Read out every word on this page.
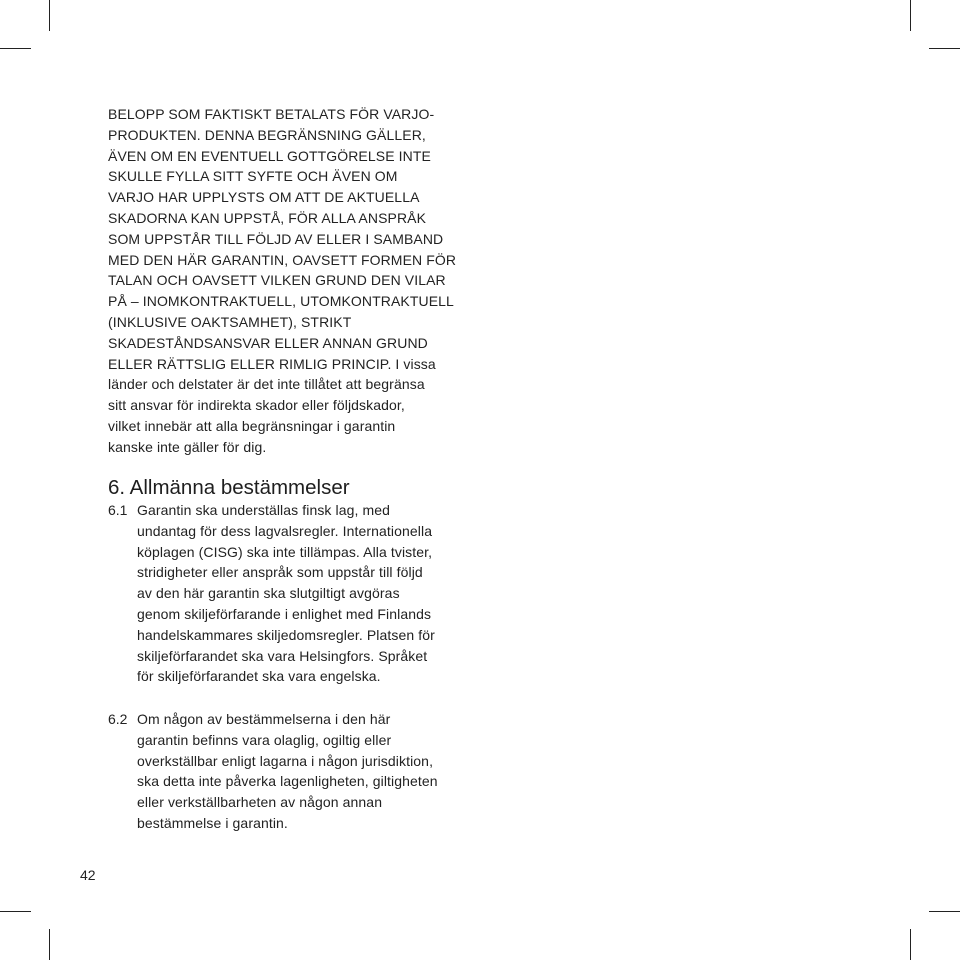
BELOPP SOM FAKTISKT BETALATS FÖR VARJO-
PRODUKTEN. DENNA BEGRÄNSNING GÄLLER,
ÄVEN OM EN EVENTUELL GOTTGÖRELSE INTE
SKULLE FYLLA SITT SYFTE OCH ÄVEN OM
VARJO HAR UPPLYSTS OM ATT DE AKTUELLA
SKADORNA KAN UPPSTÅ, FÖR ALLA ANSPRÅK
SOM UPPSTÅR TILL FÖLJD AV ELLER I SAMBAND
MED DEN HÄR GARANTIN, OAVSETT FORMEN FÖR
TALAN OCH OAVSETT VILKEN GRUND DEN VILAR
PÅ – INOMKONTRAKTUELL, UTOMKONTRAKTUELL
(INKLUSIVE OAKTSAMHET), STRIKT
SKADESTÅNDSANSVAR ELLER ANNAN GRUND
ELLER RÄTTSLIG ELLER RIMLIG PRINCIP. I vissa
länder och delstater är det inte tillåtet att begränsa
sitt ansvar för indirekta skador eller följdskador,
vilket innebär att alla begränsningar i garantin
kanske inte gäller för dig.
6. Allmänna bestämmelser
6.1 Garantin ska underställas finsk lag, med
undantag för dess lagvalsregler. Internationella
köplagen (CISG) ska inte tillämpas. Alla tvister,
stridigheter eller anspråk som uppstår till följd
av den här garantin ska slutgiltigt avgöras
genom skiljeförfarande i enlighet med Finlands
handelskammares skiljedomsregler. Platsen för
skiljeförfarandet ska vara Helsingfors. Språket
för skiljeförfarandet ska vara engelska.
6.2 Om någon av bestämmelserna i den här
garantin befinns vara olaglig, ogiltig eller
overkställbar enligt lagarna i någon jurisdiktion,
ska detta inte påverka lagenligheten, giltigheten
eller verkställbarheten av någon annan
bestämmelse i garantin.
42
